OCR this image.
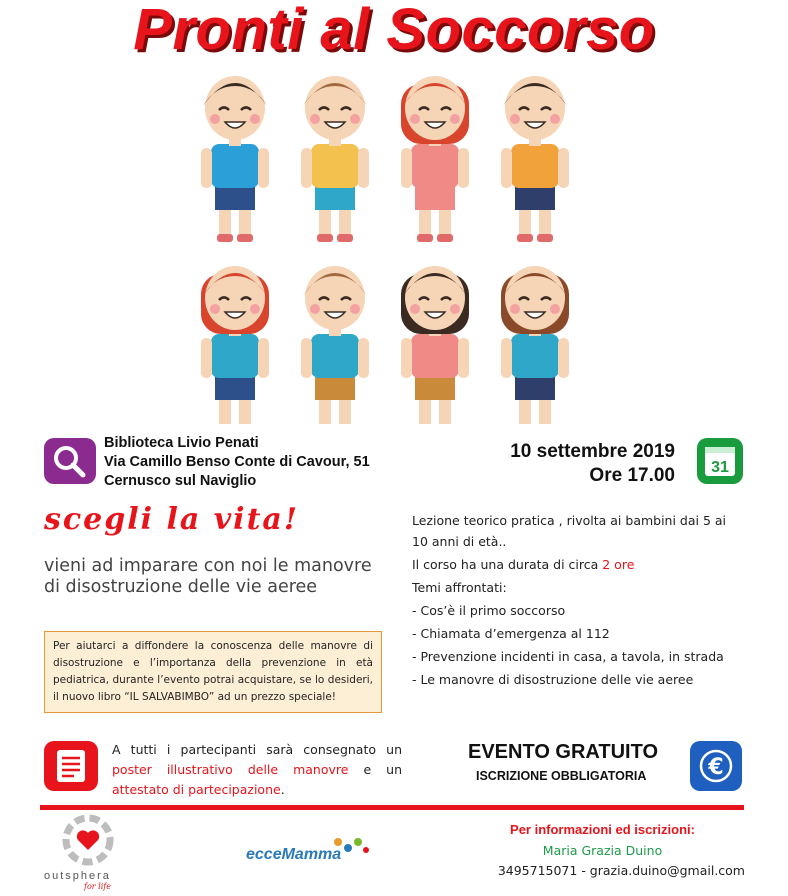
Pronti al Soccorso
Biblioteca Livio Penati
Via Camillo Benso Conte di Cavour, 51
Cernusco sul Naviglio
10 settembre 2019
Ore 17.00 31
scegli la vita!
vieni ad imparare con noi le manovre di disostruzione delle vie aeree
Per aiutarci a diffondere la conoscenza delle manovre di disostruzione e l’importanza della prevenzione in età pediatrica, durante l’evento potrai acquistare, se lo desideri, il nuovo libro “IL SALVABIMBO” ad un prezzo speciale!

Lezione teorico pratica , rivolta ai bambini dai 5 ai 10 anni di età..

Il corso ha una durata di circa 2 ore

Temi affrontati:

- Cos’è il primo soccorso

- Chiamata d’emergenza al 112

- Prevenzione incidenti in casa, a tavola, in strada

- Le manovre di disostruzione delle vie aeree

A tutti i partecipanti sarà consegnato un poster illustrativo delle manovre e un attestato di partecipazione.
EVENTO GRATUITO
ISCRIZIONE OBBLIGATORIA	€
outsphera
for life
ecceMamma
Per informazioni ed iscrizioni:
Maria Grazia Duino
3495715071 - grazia.duino@gmail.com
